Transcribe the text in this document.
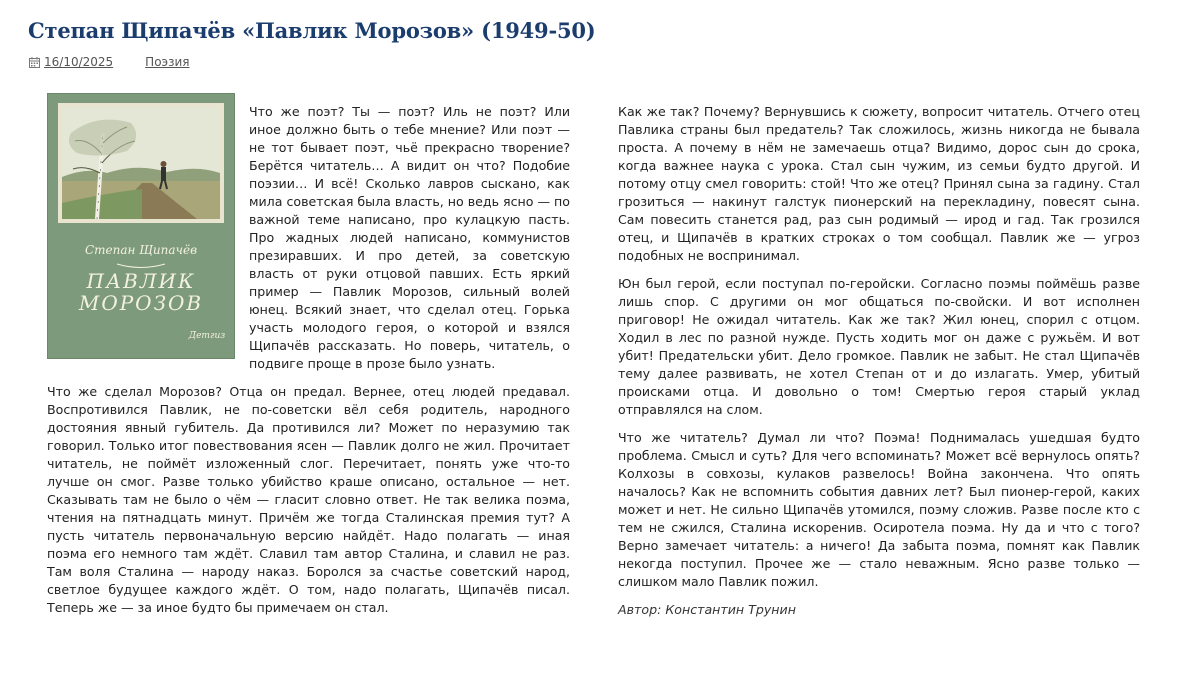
Степан Щипачёв «Павлик Морозов» (1949-50)
16/10/2025	Поэзия
Степан Щипачёв
ПАВЛИК
МОРОЗОВ
Детгиз

Что же поэт? Ты — поэт? Иль не поэт? Или иное должно быть о тебе мнение? Или поэт — не тот бывает поэт, чьё прекрасно творение? Берётся читатель… А видит он что? Подобие поэзии… И всё! Сколько лавров сыскано, как мила советская была власть, но ведь ясно — по важной теме написано, про кулацкую пасть. Про жадных людей написано, коммунистов презиравших. И про детей, за советскую власть от руки отцовой павших. Есть яркий пример — Павлик Морозов, сильный волей юнец. Всякий знает, что сделал отец. Горька участь молодого героя, о которой и взялся Щипачёв рассказать. Но поверь, читатель, о подвиге проще в прозе было узнать.

Что же сделал Морозов? Отца он предал. Вернее, отец людей предавал. Воспротивился Павлик, не по-советски вёл себя родитель, народного достояния явный губитель. Да противился ли? Может по неразумию так говорил. Только итог повествования ясен — Павлик долго не жил. Прочитает читатель, не поймёт изложенный слог. Перечитает, понять уже что-то лучше он смог. Разве только убийство краше описано, остальное — нет. Сказывать там не было о чём — гласит словно ответ. Не так велика поэма, чтения на пятнадцать минут. Причём же тогда Сталинская премия тут? А пусть читатель первоначальную версию найдёт. Надо полагать — иная поэма его немного там ждёт. Славил там автор Сталина, и славил не раз. Там воля Сталина — народу наказ. Боролся за счастье советский народ, светлое будущее каждого ждёт. О том, надо полагать, Щипачёв писал. Теперь же — за иное будто бы примечаем он стал.

Как же так? Почему? Вернувшись к сюжету, вопросит читатель. Отчего отец Павлика страны был предатель? Так сложилось, жизнь никогда не бывала проста. А почему в нём не замечаешь отца? Видимо, дорос сын до срока, когда важнее наука с урока. Стал сын чужим, из семьи будто другой. И потому отцу смел говорить: стой! Что же отец? Принял сына за гадину. Стал грозиться — накинут галстук пионерский на перекладину, повесят сына. Сам повесить станется рад, раз сын родимый — ирод и гад. Так грозился отец, и Щипачёв в кратких строках о том сообщал. Павлик же — угроз подобных не воспринимал.

Юн был герой, если поступал по-геройски. Согласно поэмы поймёшь разве лишь спор. С другими он мог общаться по-свойски. И вот исполнен приговор! Не ожидал читатель. Как же так? Жил юнец, спорил с отцом. Ходил в лес по разной нужде. Пусть ходить мог он даже с ружьём. И вот убит! Предательски убит. Дело громкое. Павлик не забыт. Не стал Щипачёв тему далее развивать, не хотел Степан от и до излагать. Умер, убитый происками отца. И довольно о том! Смертью героя старый уклад отправлялся на слом.

Что же читатель? Думал ли что? Поэма! Поднималась ушедшая будто проблема. Смысл и суть? Для чего вспоминать? Может всё вернулось опять? Колхозы в совхозы, кулаков развелось! Война закончена. Что опять началось? Как не вспомнить события давних лет? Был пионер-герой, каких может и нет. Не сильно Щипачёв утомился, поэму сложив. Разве после кто с тем не сжился, Сталина искоренив. Осиротела поэма. Ну да и что с того? Верно замечает читатель: а ничего! Да забыта поэма, помнят как Павлик некогда поступил. Прочее же — стало неважным. Ясно разве только — слишком мало Павлик пожил.

Автор: Константин Трунин
